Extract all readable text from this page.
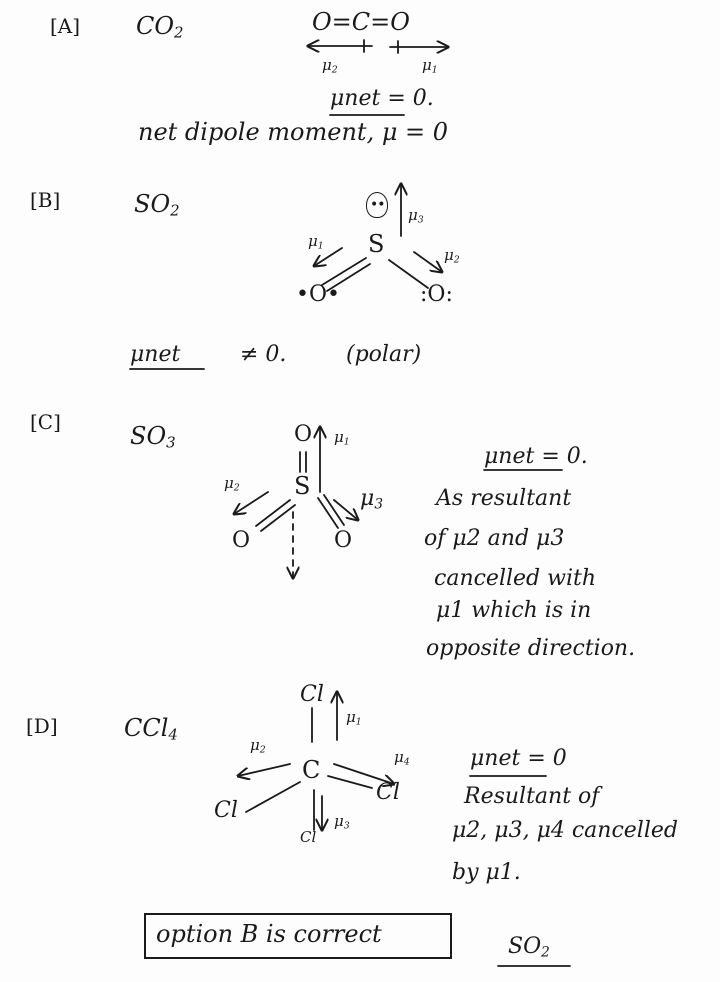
[A] $CO_2$	O=C=O
$\mu_2$	$\mu_1$
μnet = 0.
net dipole moment, μ = 0
[B]	$SO_2$	••
$\mu_3$
S
$\mu_1$
$\mu_2$
•O•	:O:
μnet	≠ 0.	(polar)
[C]	$SO_3$	O $\mu_1$
S
$\mu_2$	$\mu_3$
O	O
μnet = 0.
As resultant
of μ2 and μ3
cancelled with
μ1 which is in
opposite direction.
[D]	CCl$_4$
Cl
$\mu_1$
$\mu_2$	$\mu_4$
C
Cl
Cl
$\mu_3$
Cl
μnet = 0
Resultant of
μ2, μ3, μ4 cancelled
by μ1.
option B is correct	$SO_2$
